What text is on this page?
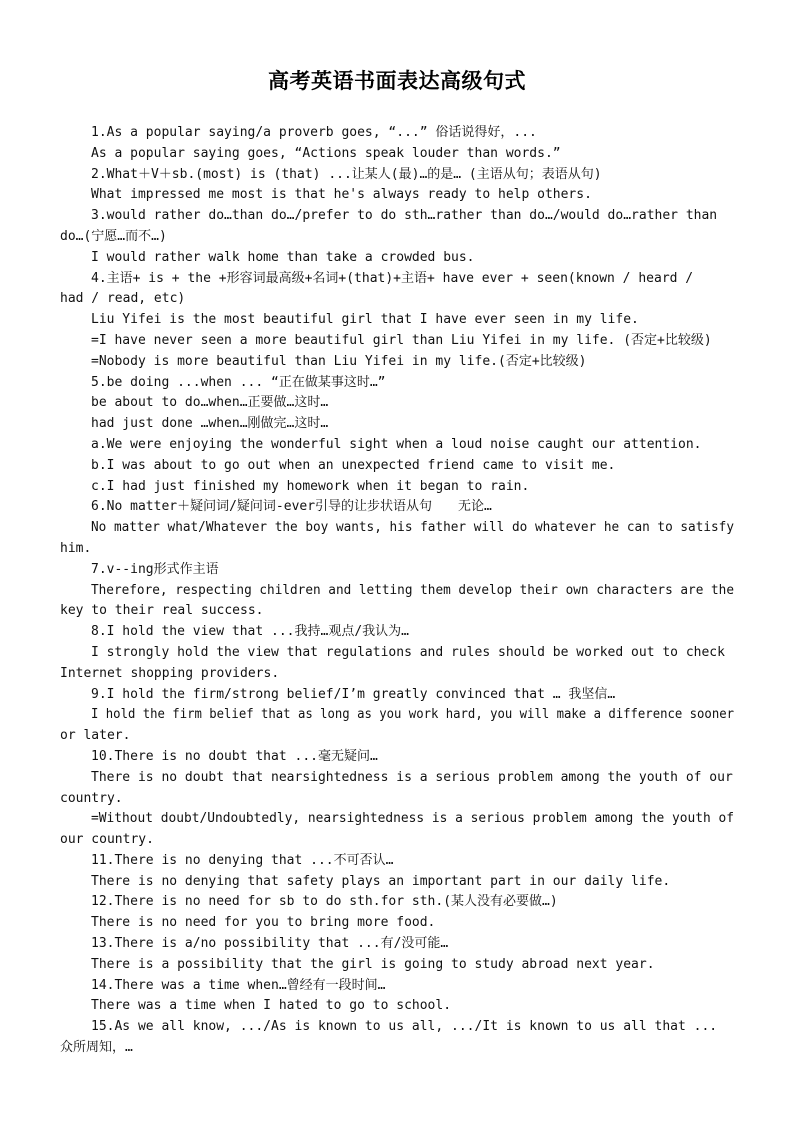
高考英语书面表达高级句式
1.As a popular saying/a proverb goes, “...” 俗话说得好，...
As a popular saying goes, “Actions speak louder than words.”
2.What＋V＋sb.(most) is (that) ...让某人(最)…的是… (主语从句；表语从句)
What impressed me most is that he's always ready to help others.
3.would rather do…than do…/prefer to do sth…rather than do…/would do…rather than
do…(宁愿…而不…)
I would rather walk home than take a crowded bus.
4.主语+ is + the +形容词最高级+名词+(that)+主语+ have ever + seen(known / heard /
had / read, etc)
Liu Yifei is the most beautiful girl that I have ever seen in my life.
=I have never seen a more beautiful girl than Liu Yifei in my life. (否定+比较级)
=Nobody is more beautiful than Liu Yifei in my life.(否定+比较级)
5.be doing ...when ... “正在做某事这时…”
be about to do…when…正要做…这时…
had just done …when…刚做完…这时…
a.We were enjoying the wonderful sight when a loud noise caught our attention.
b.I was about to go out when an unexpected friend came to visit me.
c.I had just finished my homework when it began to rain.
6.No matter＋疑问词/疑问词-ever引导的让步状语从句　　无论…
No matter what/Whatever the boy wants, his father will do whatever he can to satisfy
him.
7.v--ing形式作主语
Therefore, respecting children and letting them develop their own characters are the
key to their real success.
8.I hold the view that ...我持…观点/我认为…
I strongly hold the view that regulations and rules should be worked out to check
Internet shopping providers.
9.I hold the firm/strong belief/I’m greatly convinced that … 我坚信…
I hold the firm belief that as long as you work hard, you will make a difference sooner
or later.
10.There is no doubt that ...毫无疑问…
There is no doubt that nearsightedness is a serious problem among the youth of our
country.
=Without doubt/Undoubtedly, nearsightedness is a serious problem among the youth of
our country.
11.There is no denying that ...不可否认…
There is no denying that safety plays an important part in our daily life.
12.There is no need for sb to do sth.for sth.(某人没有必要做…)
There is no need for you to bring more food.
13.There is a/no possibility that ...有/没可能…
There is a possibility that the girl is going to study abroad next year.
14.There was a time when…曾经有一段时间…
There was a time when I hated to go to school.
15.As we all know, .../As is known to us all, .../It is known to us all that ...
众所周知，…
